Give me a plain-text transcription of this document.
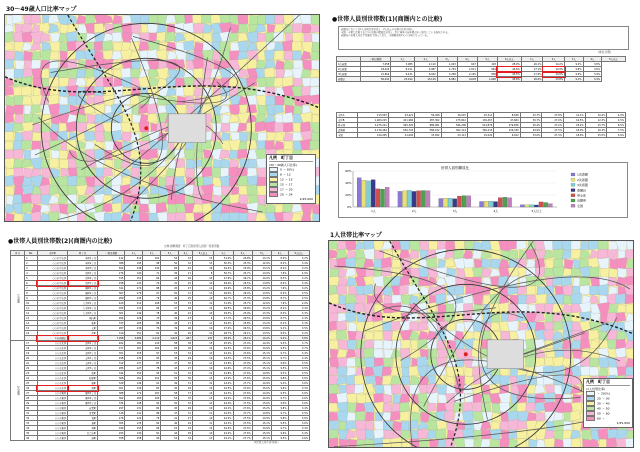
30～49歳人口比率マップ
凡例　町丁目
(30～49歳人口比率)
0 ～ 8(%)
8 ～ 12
12 ～ 15
15 ～ 17
17 ～ 20
20 ～ 24
1/25,000
●世帯人員別世帯数(1)(商圏内との比較)
商圏内においては1人世帯比率が高く、2人以上の世帯の比率が低い。
全国・全県と比較すると1人世帯の構成比が高く、特に単身の若年層が多く居住している地域である。
商圏内の世帯人員は平均値を下回っており、小規模世帯中心の市場となっている。
(単位:世帯)
	一般世帯数	1人	2人	3人	4人	5人	6人以上	1人	2人	3人	4人	5人以上
1次商圏	7,058	3,085	2,110	1,023	647	193	28.9%	26.1%	14.2%	9.2%	3.8%	
2次商圏	18,424	8,211	4,987	2,754	1,811	661	44.6%	27.1%	14.9%	9.8%	3.6%	
3次商圏	21,662	9,431	6,042	3,208	2,145	836	43.5%	27.9%	14.8%	9.9%	3.9%	
商圏計	50,441	23,014	13,119	6,981	4,603	1,690	45.6%	26.0%	13.8%	9.1%	3.4%	
市区A	213,503	93,221	59,308	30,015	22,311	8,648	43.7%	27.8%	14.1%	10.4%	4.0%
市区B	1,063,215	421,960	287,302	175,812	130,457	47,684	39.7%	27.0%	16.5%	12.3%	4.5%
県全体	3,275,221	995,320	889,961	596,208	513,876	279,856	30.4%	27.2%	18.2%	15.7%	8.5%
近隣県	2,130,464	636,703	586,102	402,114	346,215	159,330	29.9%	27.5%	18.9%	16.3%	7.5%
全国	124,205	41,004	33,952	23,113	19,224	6,912	33.0%	27.3%	18.6%	15.5%	5.6%
世帯人員別構成比
0%
20%
40%
60%
1人	2人	3人	4人	5人以上
1次商圏
2次商圏
3次商圏
商圏計
県全体
近隣県
全国
●世帯人員別世帯数(2)(商圏内の比較)
出典:国勢調査　町丁目別世帯人員別一般世帯数
区分	No.	市区町	町丁目	一般世帯数	1人	2人	3人	4人	5人以上	1人	2人	3人	4人	5人以上
1次商圏	1	○○市中央区	本町1丁目	412	210	102	54	33	13	51.0%	24.8%	13.1%	8.0%	3.2%
	2	○○市中央区	本町2丁目	388	195	98	50	32	13	50.3%	25.3%	12.9%	8.2%	3.4%
	3	○○市中央区	本町3丁目	502	248	130	66	42	16	49.4%	25.9%	13.1%	8.4%	3.2%
	4	○○市中央区	栄町1丁目	276	140	71	36	21	8	50.7%	25.7%	13.0%	7.6%	2.9%
	5	○○市中央区	栄町2丁目	315	151	84	44	26	10	47.9%	26.7%	14.0%	8.3%	3.2%
	6	○○市中央区	栄町3丁目	298	143	79	41	25	10	48.0%	26.5%	13.8%	8.4%	3.4%
	7	○○市中央区	錦町1丁目	341	170	88	45	27	11	49.9%	25.8%	13.2%	7.9%	3.2%
	8	○○市中央区	錦町2丁目	367	176	97	50	31	13	48.0%	26.4%	13.6%	8.4%	3.5%
	9	○○市中央区	錦町3丁目	289	135	79	40	25	10	46.7%	27.3%	13.8%	8.7%	3.5%
	10	○○市中央区	大手町1丁目	420	214	108	53	33	12	51.0%	25.7%	12.6%	7.9%	2.9%
	11	○○市中央区	大手町2丁目	355	172	95	47	29	12	48.5%	26.8%	13.2%	8.2%	3.4%
	12	○○市中央区	大手町3丁目	301	149	78	40	24	10	49.5%	25.9%	13.3%	8.0%	3.3%
	13	○○市中央区	城内町	264	126	70	36	23	9	47.7%	26.5%	13.6%	8.7%	3.4%
	14	○○市中央区	新町	333	165	86	44	27	11	49.5%	25.8%	13.2%	8.1%	3.3%
	15	○○市中央区	元町	287	136	76	39	26	10	47.4%	26.5%	13.6%	9.1%	3.5%
	16	○○市中央区	仲町	310	151	81	42	26	10	48.7%	26.1%	13.5%	8.4%	3.2%
		1次商圏計		7,058	3,085	2,110	1,023	647	193	48.9%	26.1%	14.2%	9.2%	3.8%
2次商圏	17	○○市北区	北町1丁目	402	181	110	58	38	15	45.0%	27.4%	14.4%	9.5%	3.7%
	18	○○市北区	北町2丁目	377	167	104	56	36	14	44.3%	27.6%	14.9%	9.5%	3.7%
	19	○○市北区	北町3丁目	351	155	97	53	34	12	44.2%	27.6%	15.1%	9.7%	3.4%
	20	○○市北区	上町1丁目	298	132	82	45	29	10	44.3%	27.5%	15.1%	9.7%	3.4%
	21	○○市北区	上町2丁目	312	137	87	47	30	11	43.9%	27.9%	15.1%	9.6%	3.5%
	22	○○市北区	上町3丁目	285	127	78	43	27	10	44.6%	27.4%	15.1%	9.5%	3.5%
	23	○○市北区	旭町	344	154	95	51	32	12	44.8%	27.6%	14.8%	9.3%	3.5%
	24	○○市北区	松原町	366	161	101	55	36	13	44.0%	27.6%	15.0%	9.8%	3.6%
	25	○○市北区	桜町	329	146	91	49	31	12	44.4%	27.7%	14.9%	9.4%	3.6%
	26	○○市北区	緑町	301	134	83	45	29	10	44.5%	27.6%	15.0%	9.6%	3.3%
	27	○○市東区	東町1丁目	388	172	107	58	37	14	44.3%	27.6%	14.9%	9.5%	3.6%
	28	○○市東区	東町2丁目	362	160	100	54	35	13	44.2%	27.6%	14.9%	9.7%	3.6%
	29	○○市東区	東町3丁目	334	148	92	50	32	12	44.3%	27.5%	15.0%	9.6%	3.6%
	30	○○市東区	若葉町	297	131	82	45	29	10	44.1%	27.6%	15.2%	9.8%	3.4%
	31	○○市東区	青葉町	318	141	88	47	31	11	44.3%	27.7%	14.8%	9.7%	3.5%
	32	○○市東区	宮町	276	122	76	41	27	10	44.2%	27.5%	14.9%	9.8%	3.6%
	33	○○市東区	泉町	305	135	84	46	29	11	44.3%	27.5%	15.1%	9.5%	3.6%
	34	○○市東区	寿町	349	155	96	52	34	12	44.4%	27.5%	14.9%	9.7%	3.4%
	35	○○市東区	日之出町	293	130	81	44	28	10	44.4%	27.6%	15.0%	9.6%	3.4%
	36	○○市東区	港町	358	158	99	54	34	13	44.1%	27.7%	15.1%	9.5%	3.6%
※世帯人員不詳を除く
1人世帯比率マップ
凡例　町丁目
(1人世帯比率)
～ 20(%)
20 ～ 30
30 ～ 40
40 ～ 50
50 ～ 60
60 ～
1/25,000
